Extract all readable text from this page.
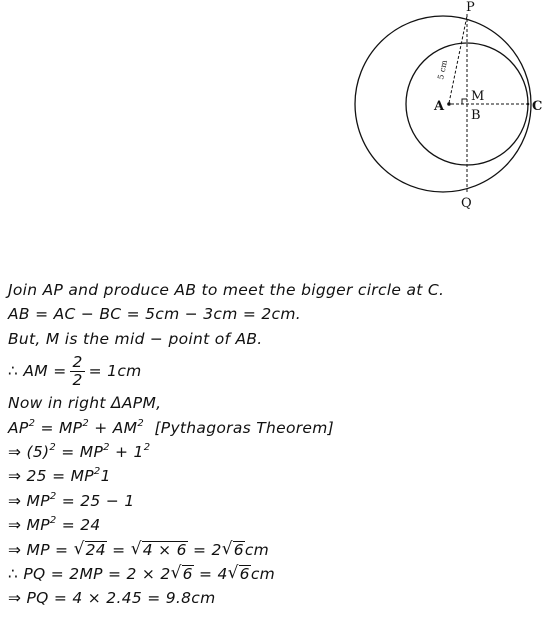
P
Q
A
M
B
C
5 cm
Join AP and produce AB to meet the bigger circle at C.
AB = AC − BC = 5cm − 3cm = 2cm.
But, M is the mid − point of AB.
∴ AM = $\frac{2}{2} = 1cm$
Now in right ΔAPM,
$AP^2 = MP^2 + AM^2$ [Pythagoras Theorem]
⇒ $(5)^2 = MP^2 + 1^2$
⇒ $25 = MP^21$
⇒ $MP^2 = 25 - 1$
⇒ $MP^2 = 24$
⇒ MP = √ 24 = √ 4 × 6 = 2 √ 6cm
∴ PQ = 2MP = 2 × 2 √ 6 = 4 √ 6cm
⇒ PQ = 4 × 2.45 = 9.8cm
